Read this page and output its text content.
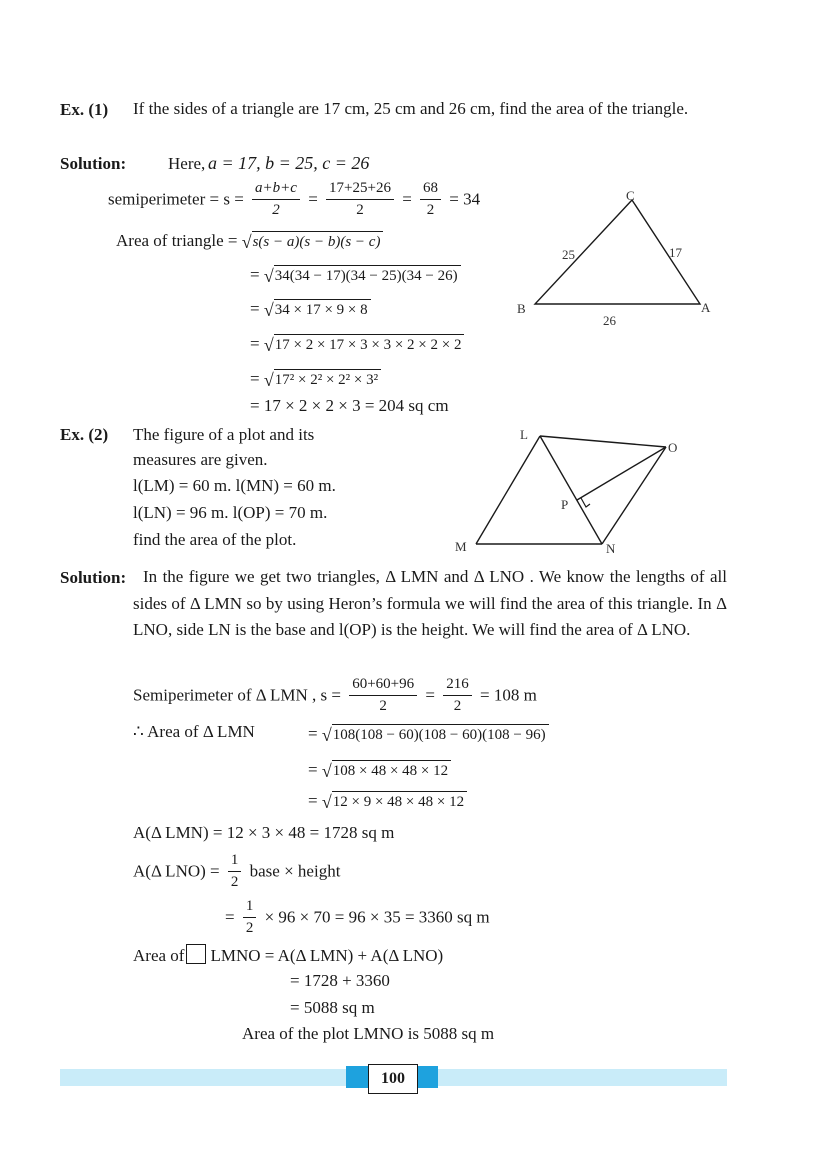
Ex. (1) If the sides of a triangle are 17 cm, 25 cm and 26 cm, find the area of the triangle.
Solution: Here, a = 17, b = 25, c = 26
semiperimeter = $s = \frac{a+b+c}{2} = \frac{17+25+26}{2} = \frac{68}{2} = 34$
Area of triangle = √ s(s − a)(s − b)(s − c)
= √ 34(34 − 17)(34 − 25)(34 − 26)
= √ 34 × 17 × 9 × 8
= √ 17 × 2 × 17 × 3 × 3 × 2 × 2 × 2
= √ 17² × 2² × 2² × 3²
= 17 × 2 × 2 × 3 = 204 sq cm
C
B	A
25	17
26
Ex. (2) The figure of a plot and its
measures are given.
l(LM) = 60 m. l(MN) = 60 m.
l(LN) = 96 m. l(OP) = 70 m.
find the area of the plot.
L
O
P
M	N
Solution: In the figure we get two triangles, Δ LMN and Δ LNO . We know the lengths of all sides of Δ LMN so by using Heron’s formula we will find the area of this triangle. In Δ LNO, side LN is the base and l(OP) is the height. We will find the area of Δ LNO.
Semiperimeter of Δ LMN , $s = \frac{60+60+96}{2} = \frac{216}{2} = 108$ m
∴ Area of Δ LMN	= √ 108(108 − 60)(108 − 60)(108 − 96)
= √ 108 × 48 × 48 × 12
= √ 12 × 9 × 48 × 48 × 12
A(Δ LMN) = 12 × 3 × 48 = 1728 sq m
A(Δ $LNO) = \frac{1}{2}$ base × height
= $\frac{1}{2} \times 96 \times 70 = 96 \times 35 = 3360$ sq m
Area of LMNO = A(Δ LMN) + A(Δ LNO)
= 1728 + 3360
= 5088 sq m
Area of the plot LMNO is 5088 sq m
100
